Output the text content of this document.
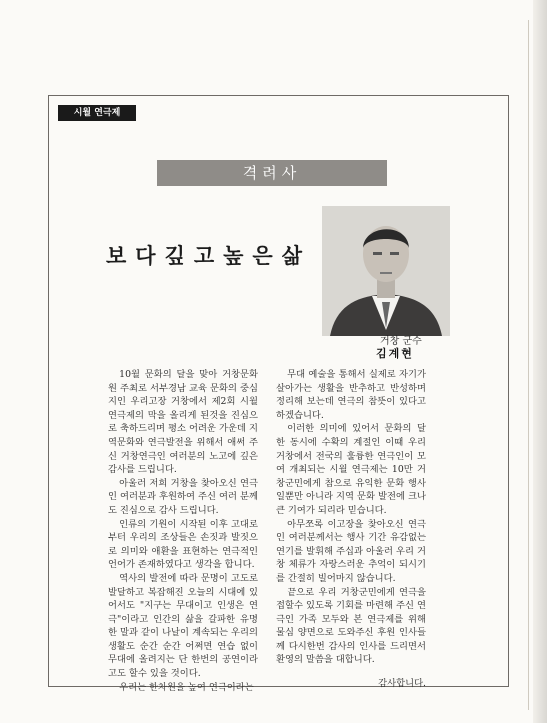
시월 연극제
격려사
보다깊고높은삶
거창 군수
김계현

10월 문화의 달을 맞아 거창문화원 주최로 서부경남 교육 문화의 중심지인 우리고장 거창에서 제2회 시월 연극제의 막을 올리게 된것을 진심으로 축하드리며 평소 어려운 가운데 지역문화와 연극발전을 위해서 애써 주신 거창연극인 여러분의 노고에 깊은 감사를 드립니다.

아울러 저희 거창을 찾아오신 연극인 여러분과 후원하여 주신 여러 분께도 진심으로 감사 드립니다.

인류의 기원이 시작된 이후 고대로 부터 우리의 조상들은 손짓과 발짓으로 의미와 애환을 표현하는 연극적인 언어가 존재하였다고 생각을 합니다.

역사의 발전에 따라 문명이 고도로 발달하고 복잡해진 오늘의 시대에 있어서도 "지구는 무대이고 인생은 연극"이라고 인간의 삶을 갈파한 유명한 말과 같이 나날이 계속되는 우리의 생활도 순간 순간 어쩌면 연습 없이 무대에 올려지는 단 한번의 공연이라고도 할수 있을 것이다.

우리는 한차원을 높여 연극이라는

무대 예술을 통해서 실제로 자기가 살아가는 생활을 반추하고 반성하며 정리해 보는데 연극의 참뜻이 있다고 하겠습니다.

이러한 의미에 있어서 문화의 달 한 동시에 수확의 계절인 이때 우리 거창에서 전국의 훌륭한 연극인이 모여 개최되는 시월 연극제는 10만 거창군민에게 참으로 유익한 문화 행사 일뿐만 아니라 지역 문화 발전에 크나큰 기여가 되리라 믿습니다.

아무쪼록 이고장을 찾아오신 연극인 여러분께서는 행사 기간 유감없는 연기를 발휘해 주십과 아울러 우리 거창 체류가 자랑스러운 추억이 되시기를 간절히 빌어마지 않습니다.

끝으로 우리 거창군민에게 연극을 접할수 있도록 기회를 마련해 주신 연극인 가족 모두와 본 연극제를 위해 물심 양면으로 도와주신 후원 인사들께 다시한번 감사의 인사를 드리면서 환영의 말씀을 대합니다.

감사합니다.
